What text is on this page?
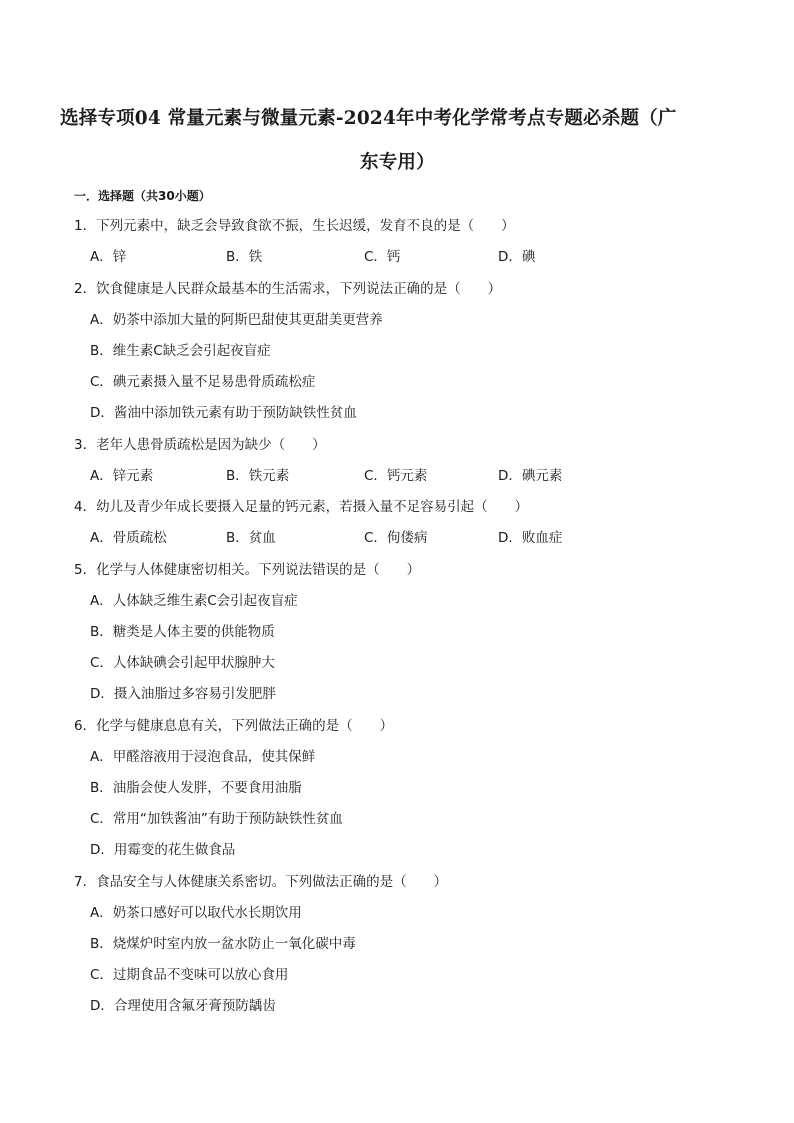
选择专项04 常量元素与微量元素-2024年中考化学常考点专题必杀题（广
东专用）
一．选择题（共30小题）
1．下列元素中，缺乏会导致食欲不振，生长迟缓，发育不良的是（　　）
A．锌	B．铁	C．钙	D．碘
2．饮食健康是人民群众最基本的生活需求，下列说法正确的是（　　）
A．奶茶中添加大量的阿斯巴甜使其更甜美更营养
B．维生素C缺乏会引起夜盲症
C．碘元素摄入量不足易患骨质疏松症
D．酱油中添加铁元素有助于预防缺铁性贫血
3．老年人患骨质疏松是因为缺少（　　）
A．锌元素	B．铁元素	C．钙元素	D．碘元素
4．幼儿及青少年成长要摄入足量的钙元素，若摄入量不足容易引起（　　）
A．骨质疏松	B．贫血	C．佝偻病	D．败血症
5．化学与人体健康密切相关。下列说法错误的是（　　）
A．人体缺乏维生素C会引起夜盲症
B．糖类是人体主要的供能物质
C．人体缺碘会引起甲状腺肿大
D．摄入油脂过多容易引发肥胖
6．化学与健康息息有关，下列做法正确的是（　　）
A．甲醛溶液用于浸泡食品，使其保鲜
B．油脂会使人发胖，不要食用油脂
C．常用“加铁酱油”有助于预防缺铁性贫血
D．用霉变的花生做食品
7．食品安全与人体健康关系密切。下列做法正确的是（　　）
A．奶茶口感好可以取代水长期饮用
B．烧煤炉时室内放一盆水防止一氧化碳中毒
C．过期食品不变味可以放心食用
D．合理使用含氟牙膏预防龋齿
